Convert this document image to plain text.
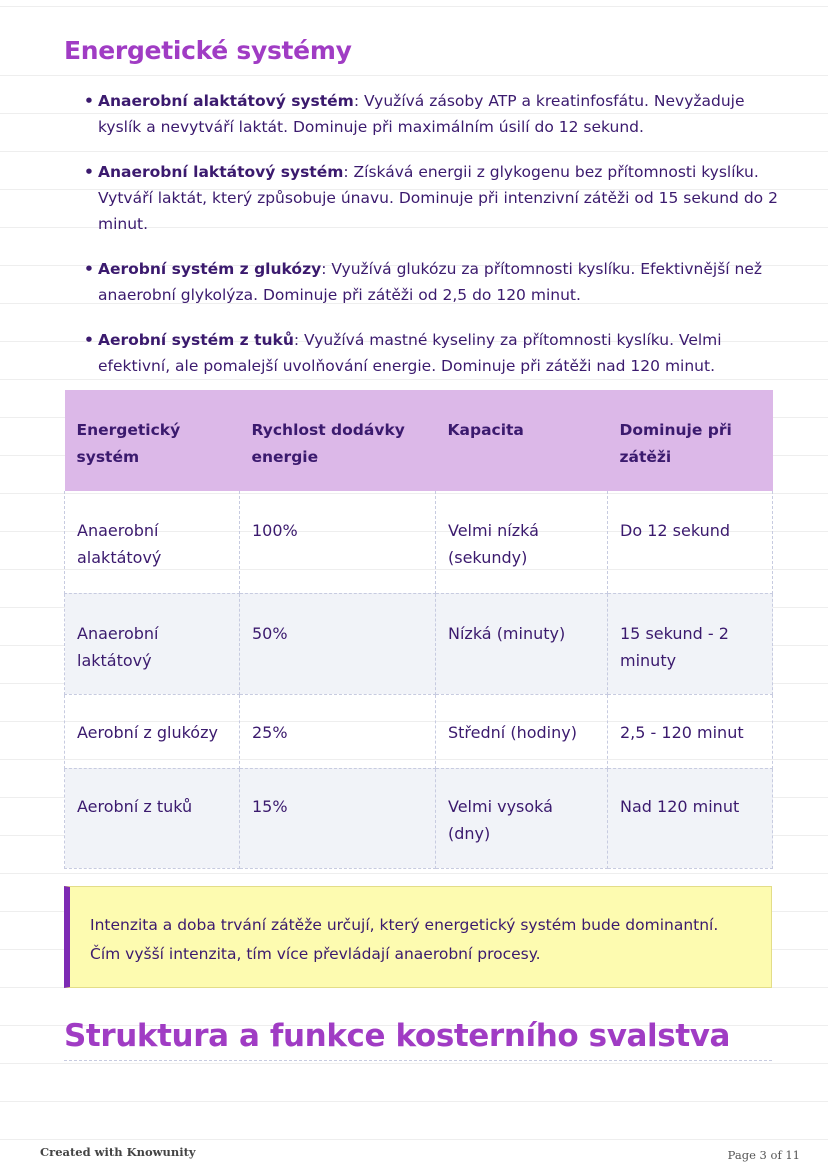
Energetické systémy
• Anaerobní alaktátový systém: Využívá zásoby ATP a kreatinfosfátu. Nevyžaduje kyslík a nevytváří laktát. Dominuje při maximálním úsilí do 12 sekund.
• Anaerobní laktátový systém: Získává energii z glykogenu bez přítomnosti kyslíku. Vytváří laktát, který způsobuje únavu. Dominuje při intenzivní zátěži od 15 sekund do 2 minut.
• Aerobní systém z glukózy: Využívá glukózu za přítomnosti kyslíku. Efektivnější než anaerobní glykolýza. Dominuje při zátěži od 2,5 do 120 minut.
• Aerobní systém z tuků: Využívá mastné kyseliny za přítomnosti kyslíku. Velmi efektivní, ale pomalejší uvolňování energie. Dominuje při zátěži nad 120 minut.
Energetický systém	Rychlost dodávky energie	Kapacita	Dominuje při zátěži
Anaerobní alaktátový	100%	Velmi nízká (sekundy)	Do 12 sekund
Anaerobní laktátový	50%	Nízká (minuty)	15 sekund - 2 minuty
Aerobní z glukózy	25%	Střední (hodiny)	2,5 - 120 minut
Aerobní z tuků	15%	Velmi vysoká (dny)	Nad 120 minut
Intenzita a doba trvání zátěže určují, který energetický systém bude dominantní. Čím vyšší intenzita, tím více převládají anaerobní procesy.
Struktura a funkce kosterního svalstva
Created with Knowunity	Page 3 of 11
